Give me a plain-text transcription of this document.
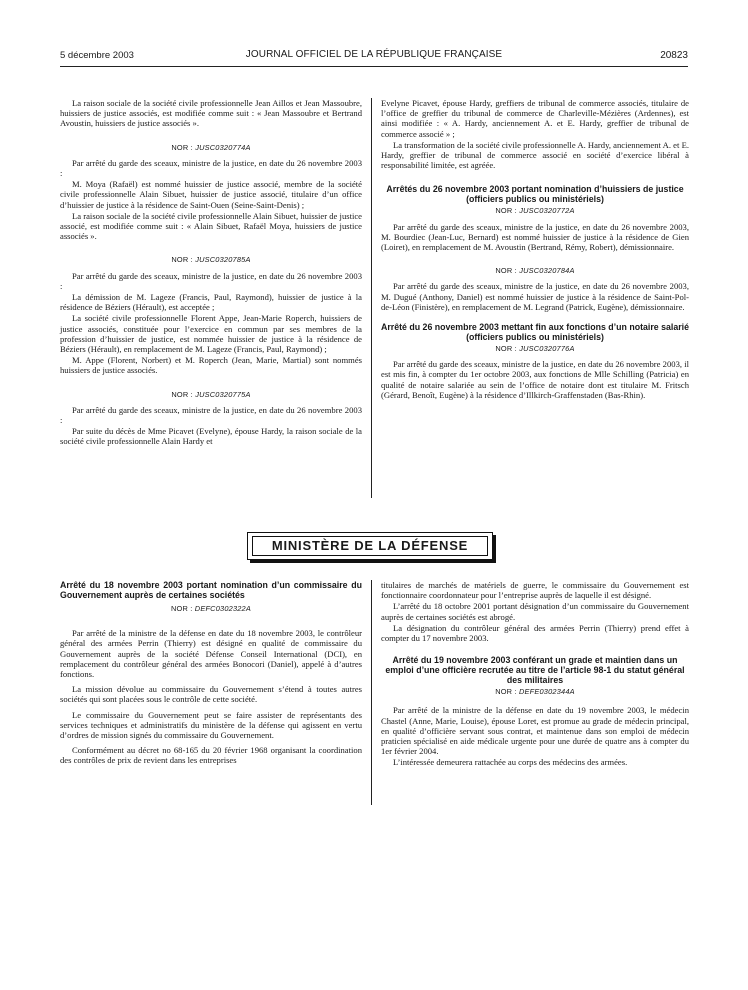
5 décembre 2003	JOURNAL OFFICIEL DE LA RÉPUBLIQUE FRANÇAISE	20823

La raison sociale de la société civile professionnelle Jean Aillos et Jean Massoubre, huissiers de justice associés, est modifiée comme suit : « Jean Massoubre et Bertrand Avoustin, huissiers de justice associés ».

NOR : JUSC0320774A

Par arrêté du garde des sceaux, ministre de la justice, en date du 26 novembre 2003 :

M. Moya (Rafaël) est nommé huissier de justice associé, membre de la société civile professionnelle Alain Sibuet, huissier de justice associé, titulaire d’un office d’huissier de justice à la résidence de Saint-Ouen (Seine-Saint-Denis) ;

La raison sociale de la société civile professionnelle Alain Sibuet, huissier de justice associé, est modifiée comme suit : « Alain Sibuet, Rafaël Moya, huissiers de justice associés ».

NOR : JUSC0320785A

Par arrêté du garde des sceaux, ministre de la justice, en date du 26 novembre 2003 :

La démission de M. Lageze (Francis, Paul, Raymond), huissier de justice à la résidence de Béziers (Hérault), est acceptée ;

La société civile professionnelle Florent Appe, Jean-Marie Roperch, huissiers de justice associés, constituée pour l’exercice en commun par ses membres de la profession d’huissier de justice, est nommée huissier de justice à la résidence de Béziers (Hérault), en remplacement de M. Lageze (Francis, Paul, Raymond) ;

M. Appe (Florent, Norbert) et M. Roperch (Jean, Marie, Martial) sont nommés huissiers de justice associés.

NOR : JUSC0320775A

Par arrêté du garde des sceaux, ministre de la justice, en date du 26 novembre 2003 :

Par suite du décès de Mme Picavet (Evelyne), épouse Hardy, la raison sociale de la société civile professionnelle Alain Hardy et

Evelyne Picavet, épouse Hardy, greffiers de tribunal de commerce associés, titulaire de l’office de greffier du tribunal de commerce de Charleville-Mézières (Ardennes), est ainsi modifiée : « A. Hardy, anciennement A. et E. Hardy, greffier de tribunal de commerce associé » ;

La transformation de la société civile professionnelle A. Hardy, anciennement A. et E. Hardy, greffier de tribunal de commerce associé en société d’exercice libéral à responsabilité limitée, est agréée.

Arrêtés du 26 novembre 2003 portant nomination d’huissiers de justice (officiers publics ou ministériels)
NOR : JUSC0320772A

Par arrêté du garde des sceaux, ministre de la justice, en date du 26 novembre 2003, M. Bourdiec (Jean-Luc, Bernard) est nommé huissier de justice à la résidence de Gien (Loiret), en remplacement de M. Avoustin (Bertrand, Rémy, Robert), démissionnaire.

NOR : JUSC0320784A

Par arrêté du garde des sceaux, ministre de la justice, en date du 26 novembre 2003, M. Dugué (Anthony, Daniel) est nommé huissier de justice à la résidence de Saint-Pol-de-Léon (Finistère), en remplacement de M. Legrand (Patrick, Eugène), démissionnaire.

Arrêté du 26 novembre 2003 mettant fin aux fonctions d’un notaire salarié (officiers publics ou ministériels)
NOR : JUSC0320776A

Par arrêté du garde des sceaux, ministre de la justice, en date du 26 novembre 2003, il est mis fin, à compter du 1er octobre 2003, aux fonctions de Mlle Schilling (Patricia) en qualité de notaire salariée au sein de l’office de notaire dont est titulaire M. Fritsch (Gérard, Benoît, Eugène) à la résidence d’Illkirch-Graffenstaden (Bas-Rhin).

MINISTÈRE DE LA DÉFENSE
Arrêté du 18 novembre 2003 portant nomination d’un commissaire du Gouvernement auprès de certaines sociétés
NOR : DEFC0302322A

Par arrêté de la ministre de la défense en date du 18 novembre 2003, le contrôleur général des armées Perrin (Thierry) est désigné en qualité de commissaire du Gouvernement auprès de la société Défense Conseil International (DCI), en remplacement du contrôleur général des armées Bonocori (Daniel), appelé à d’autres fonctions.

La mission dévolue au commissaire du Gouvernement s’étend à toutes autres sociétés qui sont placées sous le contrôle de cette société.

Le commissaire du Gouvernement peut se faire assister de représentants des services techniques et administratifs du ministère de la défense qui agissent en vertu d’ordres de mission signés du commissaire du Gouvernement.

Conformément au décret no 68-165 du 20 février 1968 organisant la coordination des contrôles de prix de revient dans les entreprises

titulaires de marchés de matériels de guerre, le commissaire du Gouvernement est fonctionnaire coordonnateur pour l’entreprise auprès de laquelle il est désigné.

L’arrêté du 18 octobre 2001 portant désignation d’un commissaire du Gouvernement auprès de certaines sociétés est abrogé.

La désignation du contrôleur général des armées Perrin (Thierry) prend effet à compter du 17 novembre 2003.

Arrêté du 19 novembre 2003 conférant un grade et maintien dans un emploi d’une officière recrutée au titre de l’article 98-1 du statut général des militaires
NOR : DEFE0302344A

Par arrêté de la ministre de la défense en date du 19 novembre 2003, le médecin Chastel (Anne, Marie, Louise), épouse Loret, est promue au grade de médecin principal, en qualité d’officière servant sous contrat, et maintenue dans son emploi de médecin praticien spécialisé en aide médicale urgente pour une durée de quatre ans à compter du 1er février 2004.

L’intéressée demeurera rattachée au corps des médecins des armées.
